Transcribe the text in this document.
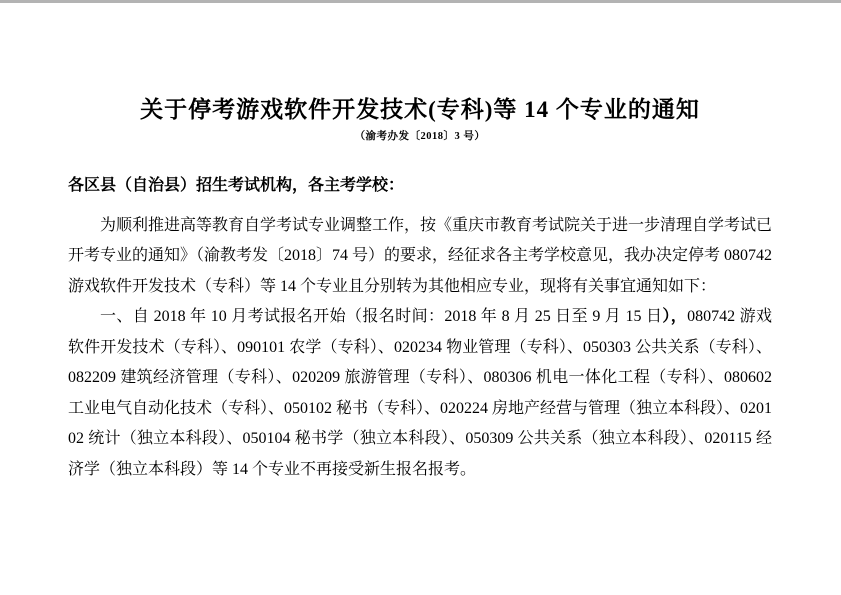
关于停考游戏软件开发技术(专科)等 14 个专业的通知
（渝考办发〔2018〕3 号）

各区县（自治县）招生考试机构，各主考学校：

为顺利推进高等教育自学考试专业调整工作，按《重庆市教育考试院关于进一步清理自学考试已开考专业的通知》（渝教考发〔2018〕74 号）的要求，经征求各主考学校意见，我办决定停考 080742 游戏软件开发技术（专科）等 14 个专业且分别转为其他相应专业，现将有关事宜通知如下：

一、自 2018 年 10 月考试报名开始（报名时间：2018 年 8 月 25 日至 9 月 15 日），080742 游戏软件开发技术（专科）、090101 农学（专科）、020234 物业管理（专科）、050303 公共关系（专科）、082209 建筑经济管理（专科）、020209 旅游管理（专科）、080306 机电一体化工程（专科）、080602 工业电气自动化技术（专科）、050102 秘书（专科）、020224 房地产经营与管理（独立本科段）、020102 统计（独立本科段）、050104 秘书学（独立本科段）、050309 公共关系（独立本科段）、020115 经济学（独立本科段）等 14 个专业不再接受新生报名报考。
